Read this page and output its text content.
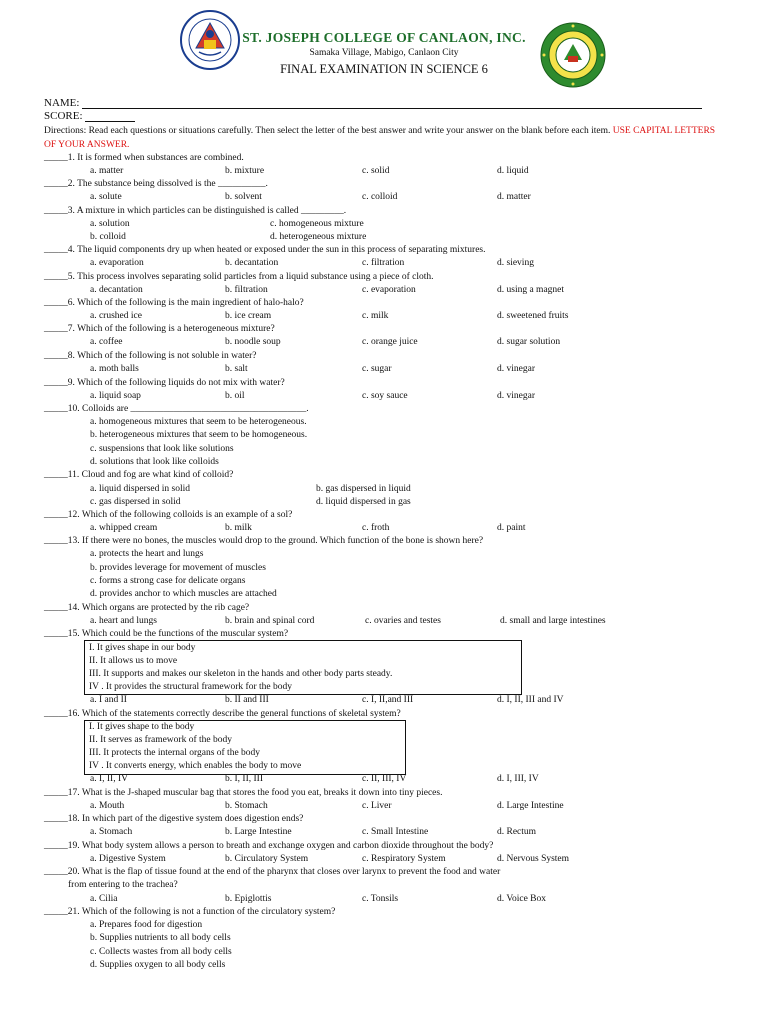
ST. JOSEPH COLLEGE OF CANLAON, INC.
Samaka Village, Mabigo, Canlaon City
FINAL EXAMINATION IN SCIENCE 6
NAME:
SCORE:
Directions: Read each questions or situations carefully. Then select the letter of the best answer and write your answer on the blank before each item. USE CAPITAL LETTERS OF YOUR ANSWER.
_____1. It is formed when substances are combined.
a. matter	b. mixture	c. solid	d. liquid
_____2. The substance being dissolved is the __________.
a. solute	b. solvent	c. colloid	d. matter
_____3. A mixture in which particles can be distinguished is called _________.
a. solution	c. homogeneous mixture
b. colloid	d. heterogeneous mixture
_____4. The liquid components dry up when heated or exposed under the sun in this process of separating mixtures.
a. evaporation	b. decantation	c. filtration	d. sieving
_____5. This process involves separating solid particles from a liquid substance using a piece of cloth.
a. decantation	b. filtration	c. evaporation	d. using a magnet
_____6. Which of the following is the main ingredient of halo-halo?
a. crushed ice	b. ice cream	c. milk	d. sweetened fruits
_____7. Which of the following is a heterogeneous mixture?
a. coffee	b. noodle soup	c. orange juice	d. sugar solution
_____8. Which of the following is not soluble in water?
a. moth balls	b. salt	c. sugar	d. vinegar
_____9. Which of the following liquids do not mix with water?
a. liquid soap	b. oil	c. soy sauce	d. vinegar
_____10. Colloids are _____________________________________.
a. homogeneous mixtures that seem to be heterogeneous.
b. heterogeneous mixtures that seem to be homogeneous.
c. suspensions that look like solutions
d. solutions that look like colloids
_____11. Cloud and fog are what kind of colloid?
a. liquid dispersed in solid	b. gas dispersed in liquid
c. gas dispersed in solid	d. liquid dispersed in gas
_____12. Which of the following colloids is an example of a sol?
a. whipped cream	b. milk	c. froth	d. paint
_____13. If there were no bones, the muscles would drop to the ground. Which function of the bone is shown here?
a. protects the heart and lungs
b. provides leverage for movement of muscles
c. forms a strong case for delicate organs
d. provides anchor to which muscles are attached
_____14. Which organs are protected by the rib cage?
a. heart and lungs	b. brain and spinal cord	c. ovaries and testes	d. small and large intestines
_____15. Which could be the functions of the muscular system?
I. It gives shape in our body
II. It allows us to move
III. It supports and makes our skeleton in the hands and other body parts steady.
IV . It provides the structural framework for the body
a. I and II	b. II and III	c. I, II,and III	d. I, II, III and IV
_____16. Which of the statements correctly describe the general functions of skeletal system?
I. It gives shape to the body
II. It serves as framework of the body
III. It protects the internal organs of the body
IV . It converts energy, which enables the body to move
a. I, II, IV	b. I, II, III	c. II, III, IV	d. I, III, IV
_____17. What is the J-shaped muscular bag that stores the food you eat, breaks it down into tiny pieces.
a. Mouth	b. Stomach	c. Liver	d. Large Intestine
_____18. In which part of the digestive system does digestion ends?
a. Stomach	b. Large Intestine	c. Small Intestine	d. Rectum
_____19. What body system allows a person to breath and exchange oxygen and carbon dioxide throughout the body?
a. Digestive System	b. Circulatory System	c. Respiratory System	d. Nervous System
_____20. What is the flap of tissue found at the end of the pharynx that closes over larynx to prevent the food and water
from entering to the trachea?
a. Cilia	b. Epiglottis	c. Tonsils	d. Voice Box
_____21. Which of the following is not a function of the circulatory system?
a. Prepares food for digestion
b. Supplies nutrients to all body cells
c. Collects wastes from all body cells
d. Supplies oxygen to all body cells
